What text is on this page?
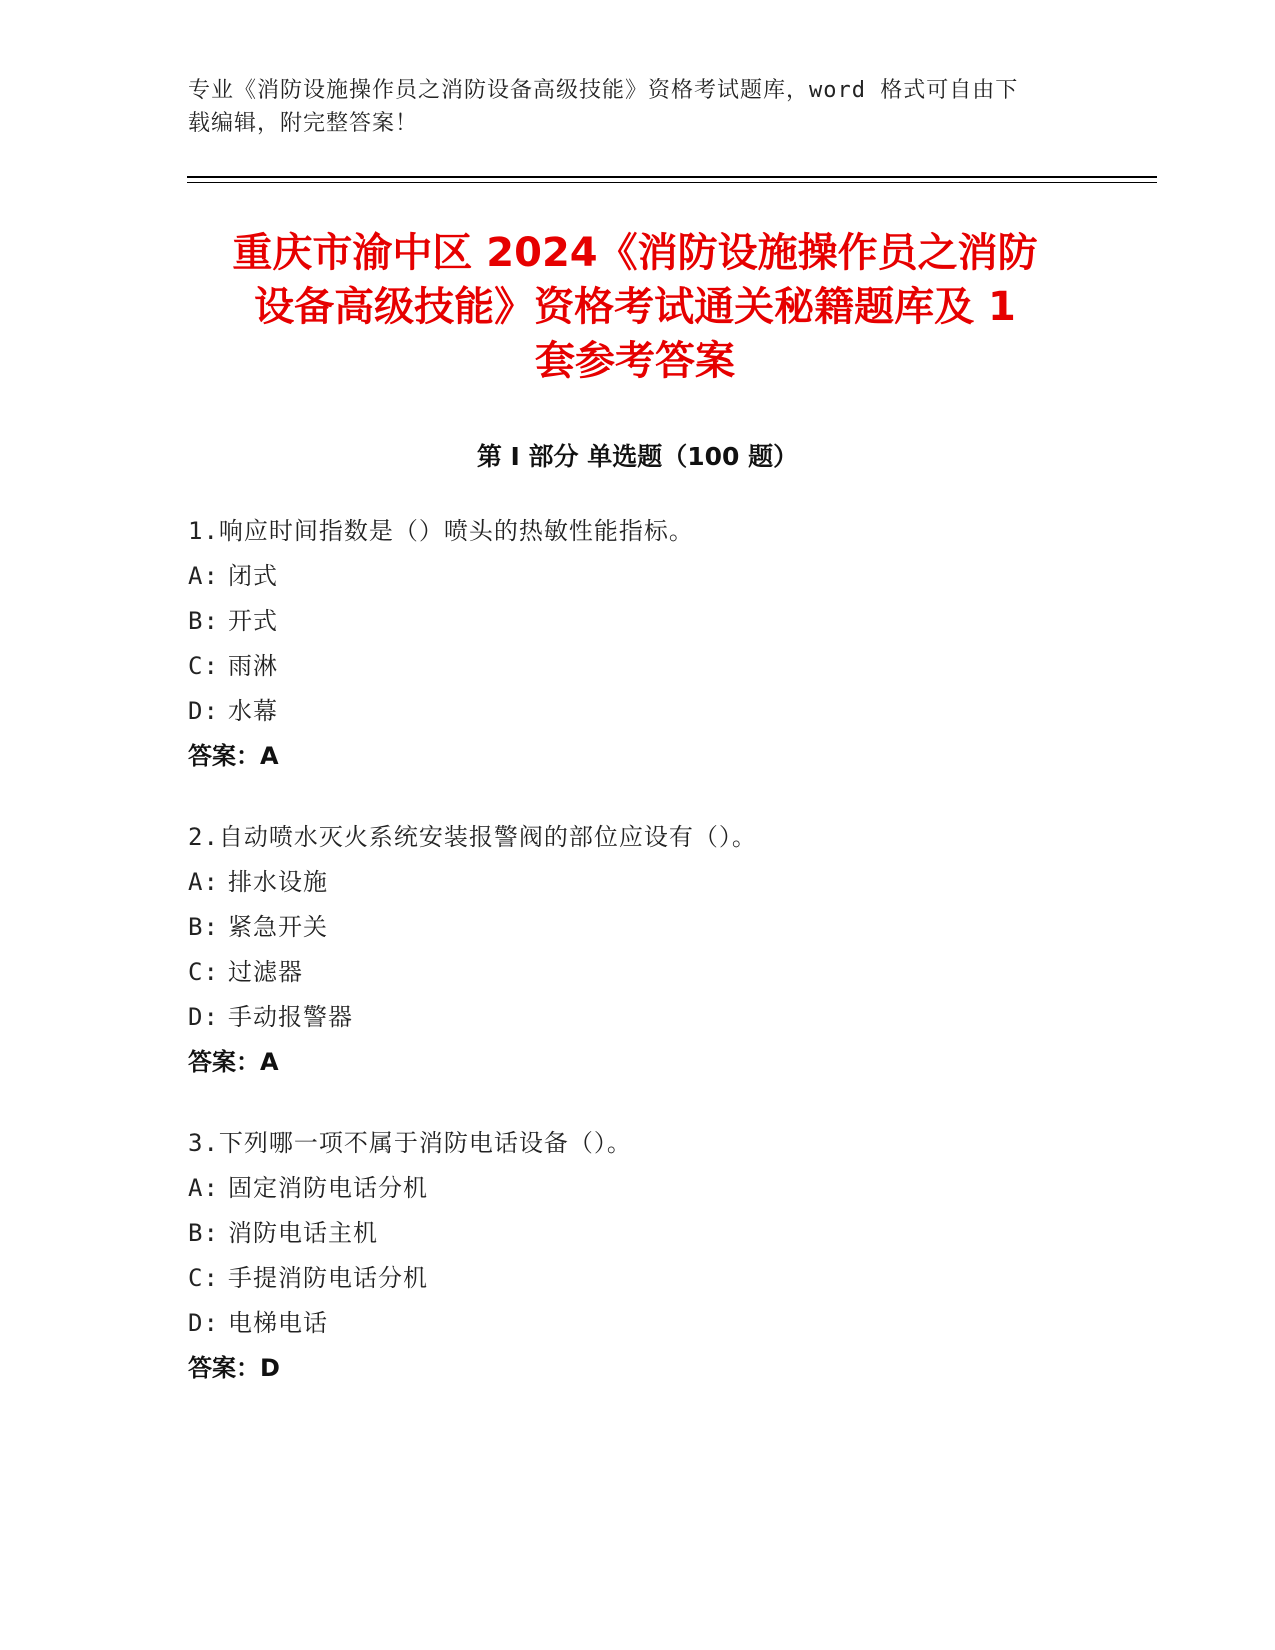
专业《消防设施操作员之消防设备高级技能》资格考试题库，word 格式可自由下
载编辑，附完整答案！
重庆市渝中区 2024《消防设施操作员之消防
设备高级技能》资格考试通关秘籍题库及 1
套参考答案
第 I 部分 单选题（100 题）
1.响应时间指数是（）喷头的热敏性能指标。
A: 闭式
B: 开式
C: 雨淋
D: 水幕
答案：A
2.自动喷水灭火系统安装报警阀的部位应设有（）。
A: 排水设施
B: 紧急开关
C: 过滤器
D: 手动报警器
答案：A
3.下列哪一项不属于消防电话设备（）。
A: 固定消防电话分机
B: 消防电话主机
C: 手提消防电话分机
D: 电梯电话
答案：D
